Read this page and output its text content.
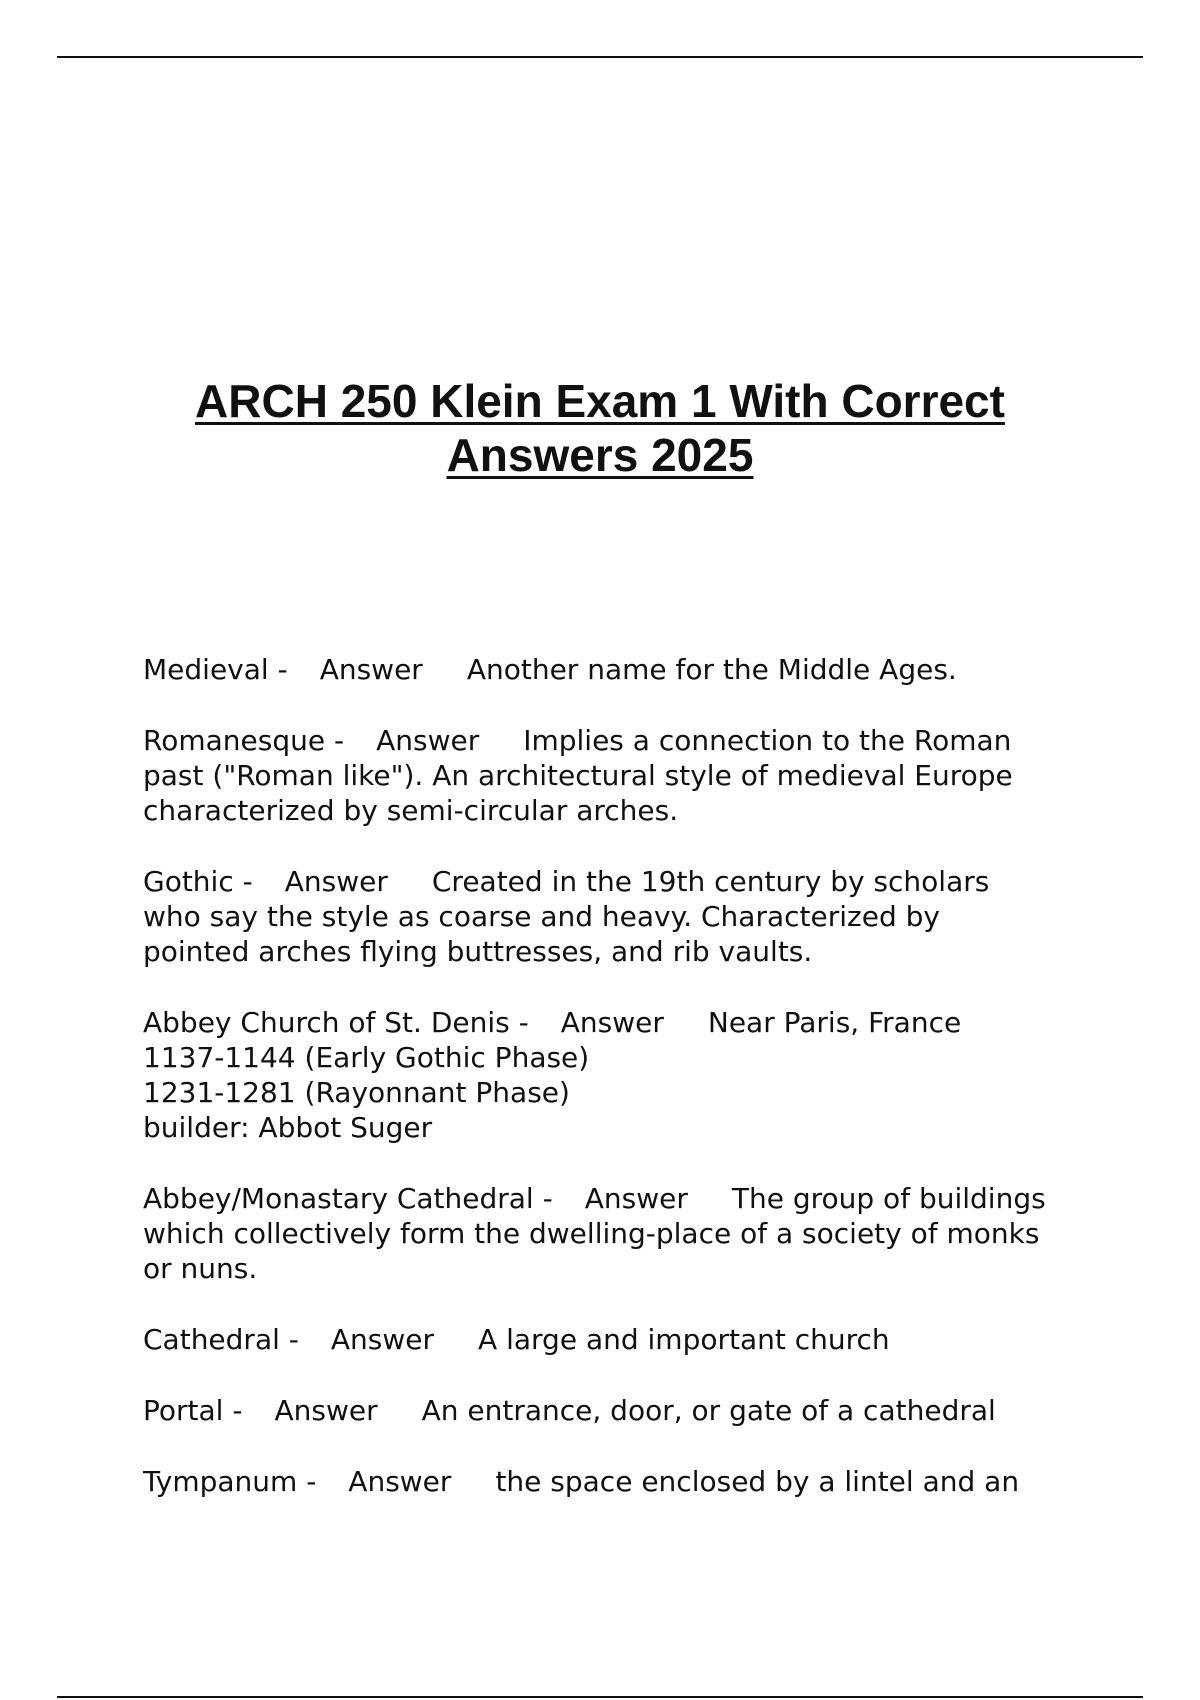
ARCH 250 Klein Exam 1 With Correct
Answers 2025
Medieval - Answer Another name for the Middle Ages.
Romanesque - Answer Implies a connection to the Roman
past ("Roman like"). An architectural style of medieval Europe
characterized by semi-circular arches.
Gothic - Answer Created in the 19th century by scholars
who say the style as coarse and heavy. Characterized by
pointed arches flying buttresses, and rib vaults.
Abbey Church of St. Denis - Answer Near Paris, France
1137-1144 (Early Gothic Phase)
1231-1281 (Rayonnant Phase)
builder: Abbot Suger
Abbey/Monastary Cathedral - Answer The group of buildings
which collectively form the dwelling-place of a society of monks
or nuns.
Cathedral - Answer A large and important church
Portal - Answer An entrance, door, or gate of a cathedral
Tympanum - Answer the space enclosed by a lintel and an
